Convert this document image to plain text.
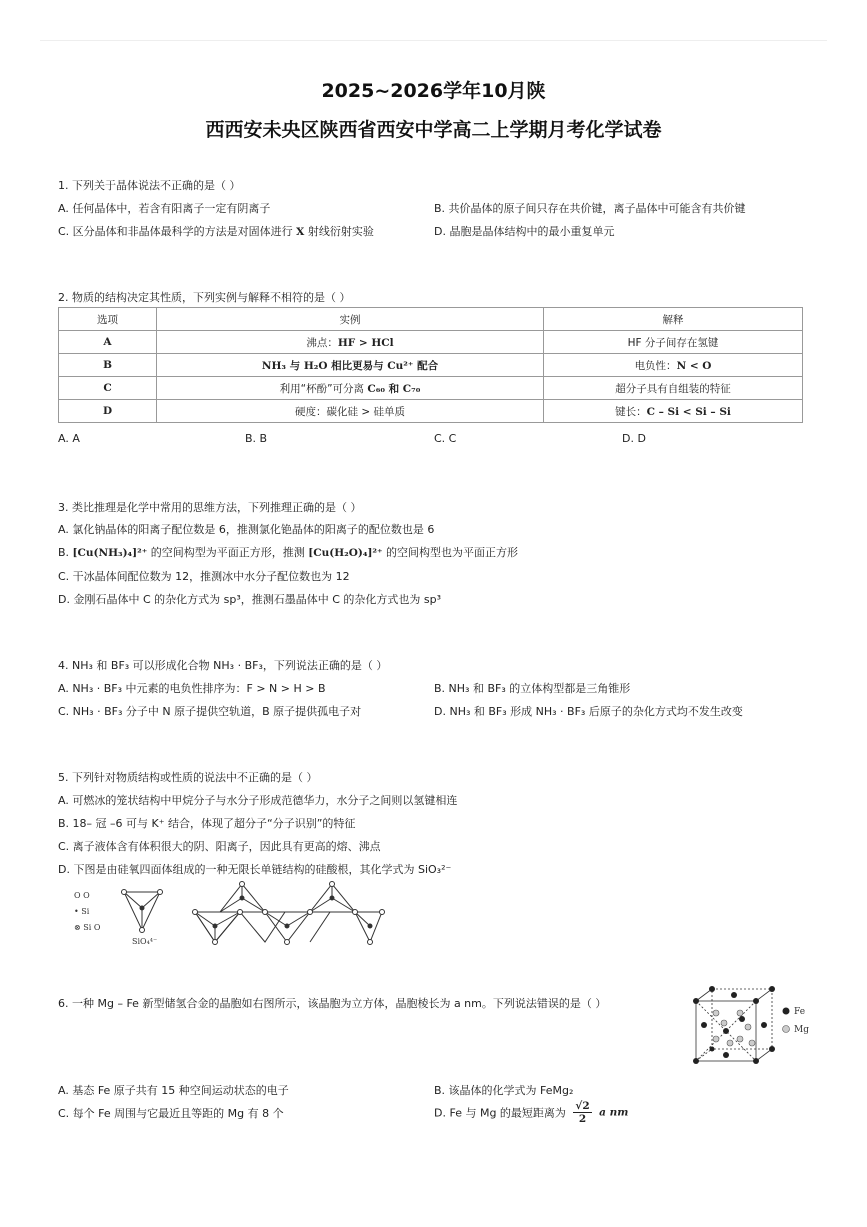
2025~2026学年10月陕
西西安未央区陕西省西安中学高二上学期月考化学试卷
1. 下列关于晶体说法不正确的是（ ）
A. 任何晶体中，若含有阳离子一定有阴离子	B. 共价晶体的原子间只存在共价键，离子晶体中可能含有共价键
C. 区分晶体和非晶体最科学的方法是对固体进行 X 射线衍射实验	D. 晶胞是晶体结构中的最小重复单元
2. 物质的结构决定其性质，下列实例与解释不相符的是（ ）
选项	实例	解释
A	沸点：HF > HCl	HF 分子间存在氢键
B	NH₃ 与 H₂O 相比更易与 Cu²⁺ 配合	电负性：N < O
C	利用“杯酚”可分离 C₆₀ 和 C₇₀	超分子具有自组装的特征
D	硬度：碳化硅 > 硅单质	键长：C – Si < Si – Si
A. A	B. B	C. C	D. D
3. 类比推理是化学中常用的思维方法，下列推理正确的是（ ）
A. 氯化钠晶体的阳离子配位数是 6，推测氯化铯晶体的阳离子的配位数也是 6
B. [Cu(NH₃)₄]²⁺ 的空间构型为平面正方形，推测 [Cu(H₂O)₄]²⁺ 的空间构型也为平面正方形
C. 干冰晶体间配位数为 12，推测冰中水分子配位数也为 12
D. 金刚石晶体中 C 的杂化方式为 sp³，推测石墨晶体中 C 的杂化方式也为 sp³
4. NH₃ 和 BF₃ 可以形成化合物 NH₃ · BF₃，下列说法正确的是（ ）
A. NH₃ · BF₃ 中元素的电负性排序为：F > N > H > B	B. NH₃ 和 BF₃ 的立体构型都是三角锥形
C. NH₃ · BF₃ 分子中 N 原子提供空轨道，B 原子提供孤电子对	D. NH₃ 和 BF₃ 形成 NH₃ · BF₃ 后原子的杂化方式均不发生改变
5. 下列针对物质结构或性质的说法中不正确的是（ ）
A. 可燃冰的笼状结构中甲烷分子与水分子形成范德华力，水分子之间则以氢键相连
B. 18– 冠 –6 可与 K⁺ 结合，体现了超分子“分子识别”的特征
C. 离子液体含有体积很大的阴、阳离子，因此具有更高的熔、沸点
D. 下图是由硅氧四面体组成的一种无限长单链结构的硅酸根，其化学式为 SiO₃²⁻
O O
• Si
⊗ Si O
SiO₄⁴⁻
6. 一种 Mg – Fe 新型储氢合金的晶胞如右图所示，该晶胞为立方体，晶胞棱长为 a nm。下列说法错误的是（ ）
Fe
Mg
A. 基态 Fe 原子共有 15 种空间运动状态的电子	B. 该晶体的化学式为 FeMg₂
C. 每个 Fe 周围与它最近且等距的 Mg 有 8 个	D. Fe 与 Mg 的最短距离为 $\frac{√2}{2}$ a nm
